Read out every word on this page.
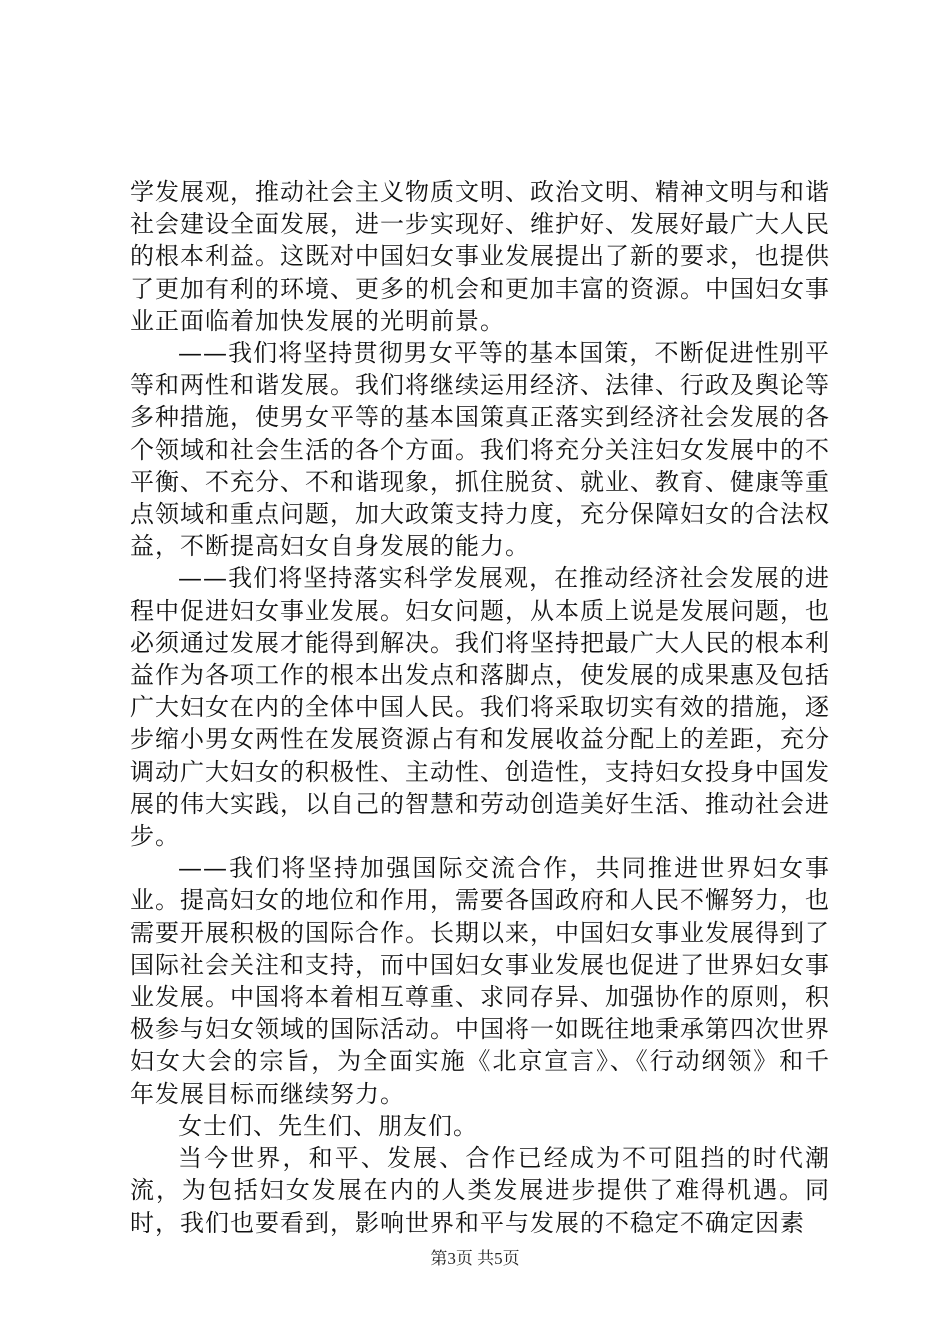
学发展观，推动社会主义物质文明、政治文明、精神文明与和谐社会建设全面发展，进一步实现好、维护好、发展好最广大人民的根本利益。这既对中国妇女事业发展提出了新的要求，也提供了更加有利的环境、更多的机会和更加丰富的资源。中国妇女事业正面临着加快发展的光明前景。

——我们将坚持贯彻男女平等的基本国策，不断促进性别平等和两性和谐发展。我们将继续运用经济、法律、行政及舆论等多种措施，使男女平等的基本国策真正落实到经济社会发展的各个领域和社会生活的各个方面。我们将充分关注妇女发展中的不平衡、不充分、不和谐现象，抓住脱贫、就业、教育、健康等重点领域和重点问题，加大政策支持力度，充分保障妇女的合法权益，不断提高妇女自身发展的能力。

——我们将坚持落实科学发展观，在推动经济社会发展的进程中促进妇女事业发展。妇女问题，从本质上说是发展问题，也必须通过发展才能得到解决。我们将坚持把最广大人民的根本利益作为各项工作的根本出发点和落脚点，使发展的成果惠及包括广大妇女在内的全体中国人民。我们将采取切实有效的措施，逐步缩小男女两性在发展资源占有和发展收益分配上的差距，充分调动广大妇女的积极性、主动性、创造性，支持妇女投身中国发展的伟大实践，以自己的智慧和劳动创造美好生活、推动社会进步。

——我们将坚持加强国际交流合作，共同推进世界妇女事业。提高妇女的地位和作用，需要各国政府和人民不懈努力，也需要开展积极的国际合作。长期以来，中国妇女事业发展得到了国际社会关注和支持，而中国妇女事业发展也促进了世界妇女事业发展。中国将本着相互尊重、求同存异、加强协作的原则，积极参与妇女领域的国际活动。中国将一如既往地秉承第四次世界妇女大会的宗旨，为全面实施《北京宣言》、《行动纲领》和千年发展目标而继续努力。

女士们、先生们、朋友们。

当今世界，和平、发展、合作已经成为不可阻挡的时代潮流，为包括妇女发展在内的人类发展进步提供了难得机遇。同时，我们也要看到，影响世界和平与发展的不稳定不确定因素

第3页 共5页
